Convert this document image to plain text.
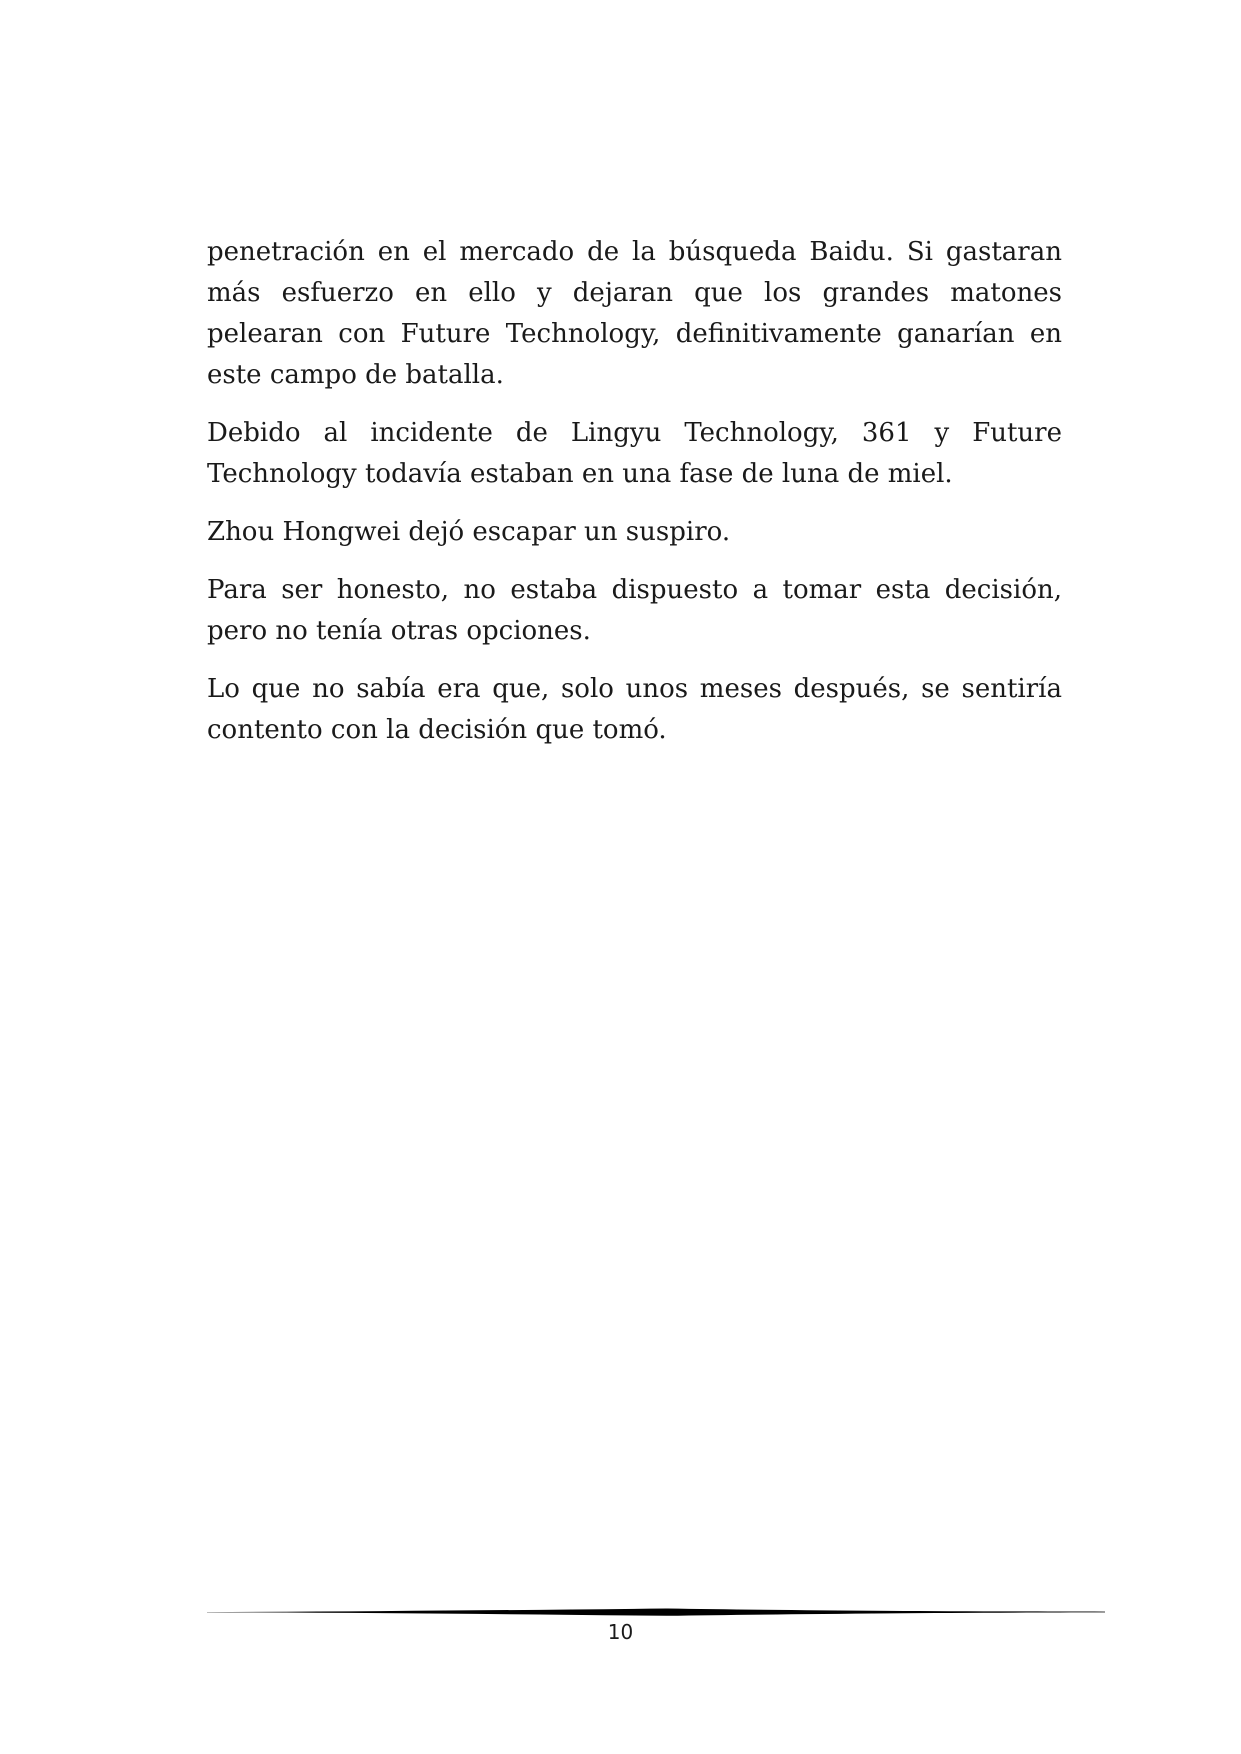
penetración en el mercado de la búsqueda Baidu. Si gastaran más esfuerzo en ello y dejaran que los grandes matones pelearan con Future Technology, definitivamente ganarían en este campo de batalla.

Debido al incidente de Lingyu Technology, 361 y Future Technology todavía estaban en una fase de luna de miel.

Zhou Hongwei dejó escapar un suspiro.

Para ser honesto, no estaba dispuesto a tomar esta decisión, pero no tenía otras opciones.

Lo que no sabía era que, solo unos meses después, se sentiría contento con la decisión que tomó.

10
